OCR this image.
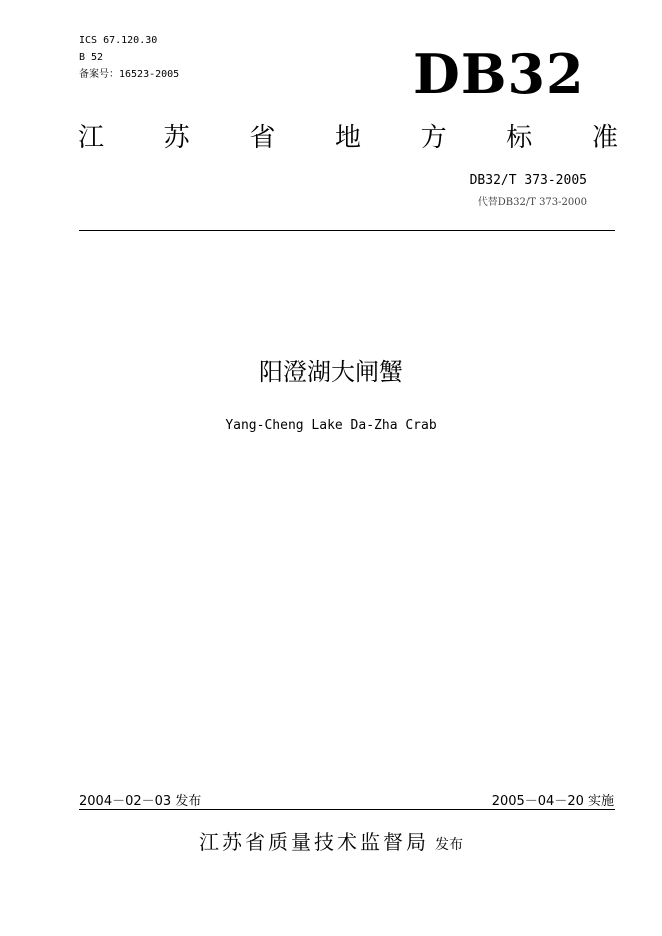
ICS 67.120.30
B 52
备案号：16523-2005	DB32
江 苏 省 地 方 标 准
DB32/T 373-2005
代替DB32/T 373-2000
阳澄湖大闸蟹
Yang-Cheng Lake Da-Zha Crab
2004－02－03 发布	2005－04－20 实施
江苏省质量技术监督局 发布
